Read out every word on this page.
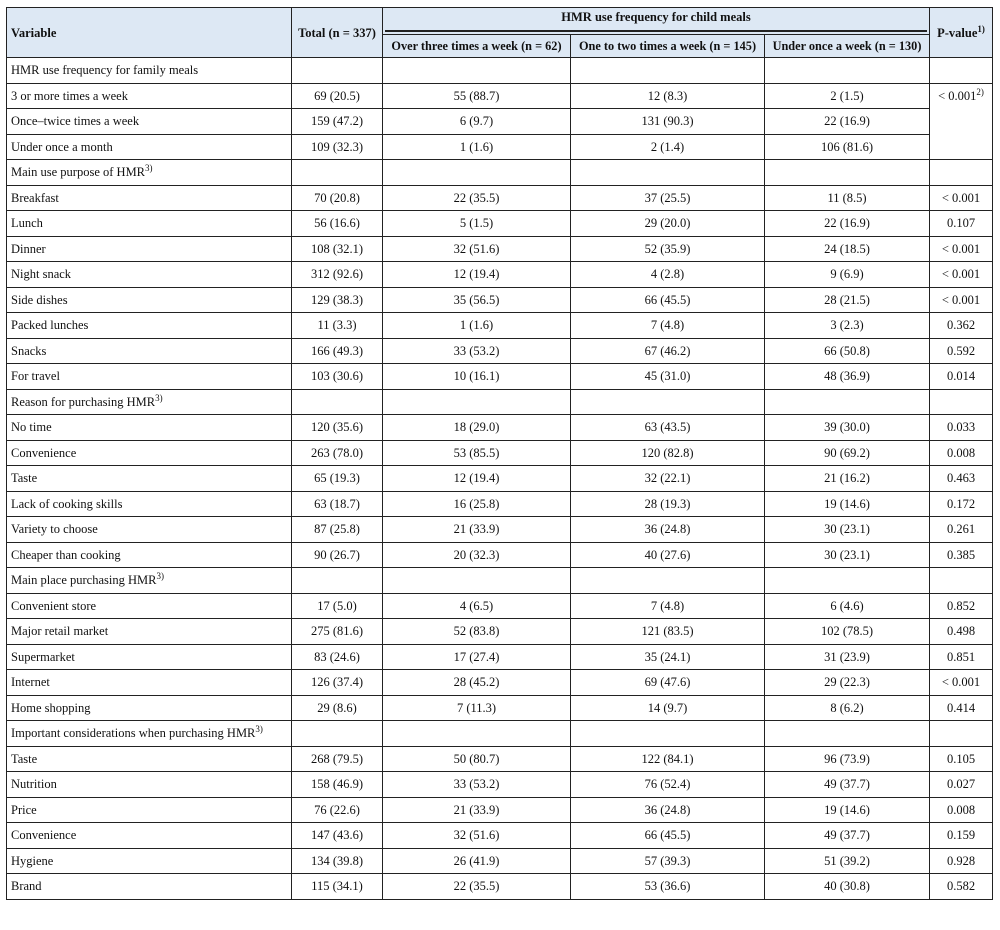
Variable	Total (n = 337)	HMR use frequency for child meals			P-value$^{1)}$
		Over three times a week (n = 62)	One to two times a week (n = 145)	Under once a week (n = 130)	
HMR use frequency for family meals					
3 or more times a week	69 (20.5)	55 (88.7)	12 (8.3)	2 (1.5)	< $0.001^{2)}$
Once–twice times a week	159 (47.2)	6 (9.7)	131 (90.3)	22 (16.9)	
Under once a month	109 (32.3)	1 (1.6)	2 (1.4)	106 (81.6)	
Main use purpose of HMR$^{3)}$					
Breakfast	70 (20.8)	22 (35.5)	37 (25.5)	11 (8.5)	< 0.001
Lunch	56 (16.6)	5 (1.5)	29 (20.0)	22 (16.9)	0.107
Dinner	108 (32.1)	32 (51.6)	52 (35.9)	24 (18.5)	< 0.001
Night snack	312 (92.6)	12 (19.4)	4 (2.8)	9 (6.9)	< 0.001
Side dishes	129 (38.3)	35 (56.5)	66 (45.5)	28 (21.5)	< 0.001
Packed lunches	11 (3.3)	1 (1.6)	7 (4.8)	3 (2.3)	0.362
Snacks	166 (49.3)	33 (53.2)	67 (46.2)	66 (50.8)	0.592
For travel	103 (30.6)	10 (16.1)	45 (31.0)	48 (36.9)	0.014
Reason for purchasing HMR$^{3)}$					
No time	120 (35.6)	18 (29.0)	63 (43.5)	39 (30.0)	0.033
Convenience	263 (78.0)	53 (85.5)	120 (82.8)	90 (69.2)	0.008
Taste	65 (19.3)	12 (19.4)	32 (22.1)	21 (16.2)	0.463
Lack of cooking skills	63 (18.7)	16 (25.8)	28 (19.3)	19 (14.6)	0.172
Variety to choose	87 (25.8)	21 (33.9)	36 (24.8)	30 (23.1)	0.261
Cheaper than cooking	90 (26.7)	20 (32.3)	40 (27.6)	30 (23.1)	0.385
Main place purchasing HMR$^{3)}$					
Convenient store	17 (5.0)	4 (6.5)	7 (4.8)	6 (4.6)	0.852
Major retail market	275 (81.6)	52 (83.8)	121 (83.5)	102 (78.5)	0.498
Supermarket	83 (24.6)	17 (27.4)	35 (24.1)	31 (23.9)	0.851
Internet	126 (37.4)	28 (45.2)	69 (47.6)	29 (22.3)	< 0.001
Home shopping	29 (8.6)	7 (11.3)	14 (9.7)	8 (6.2)	0.414
Important considerations when purchasing HMR$^{3)}$					
Taste	268 (79.5)	50 (80.7)	122 (84.1)	96 (73.9)	0.105
Nutrition	158 (46.9)	33 (53.2)	76 (52.4)	49 (37.7)	0.027
Price	76 (22.6)	21 (33.9)	36 (24.8)	19 (14.6)	0.008
Convenience	147 (43.6)	32 (51.6)	66 (45.5)	49 (37.7)	0.159
Hygiene	134 (39.8)	26 (41.9)	57 (39.3)	51 (39.2)	0.928
Brand	115 (34.1)	22 (35.5)	53 (36.6)	40 (30.8)	0.582
